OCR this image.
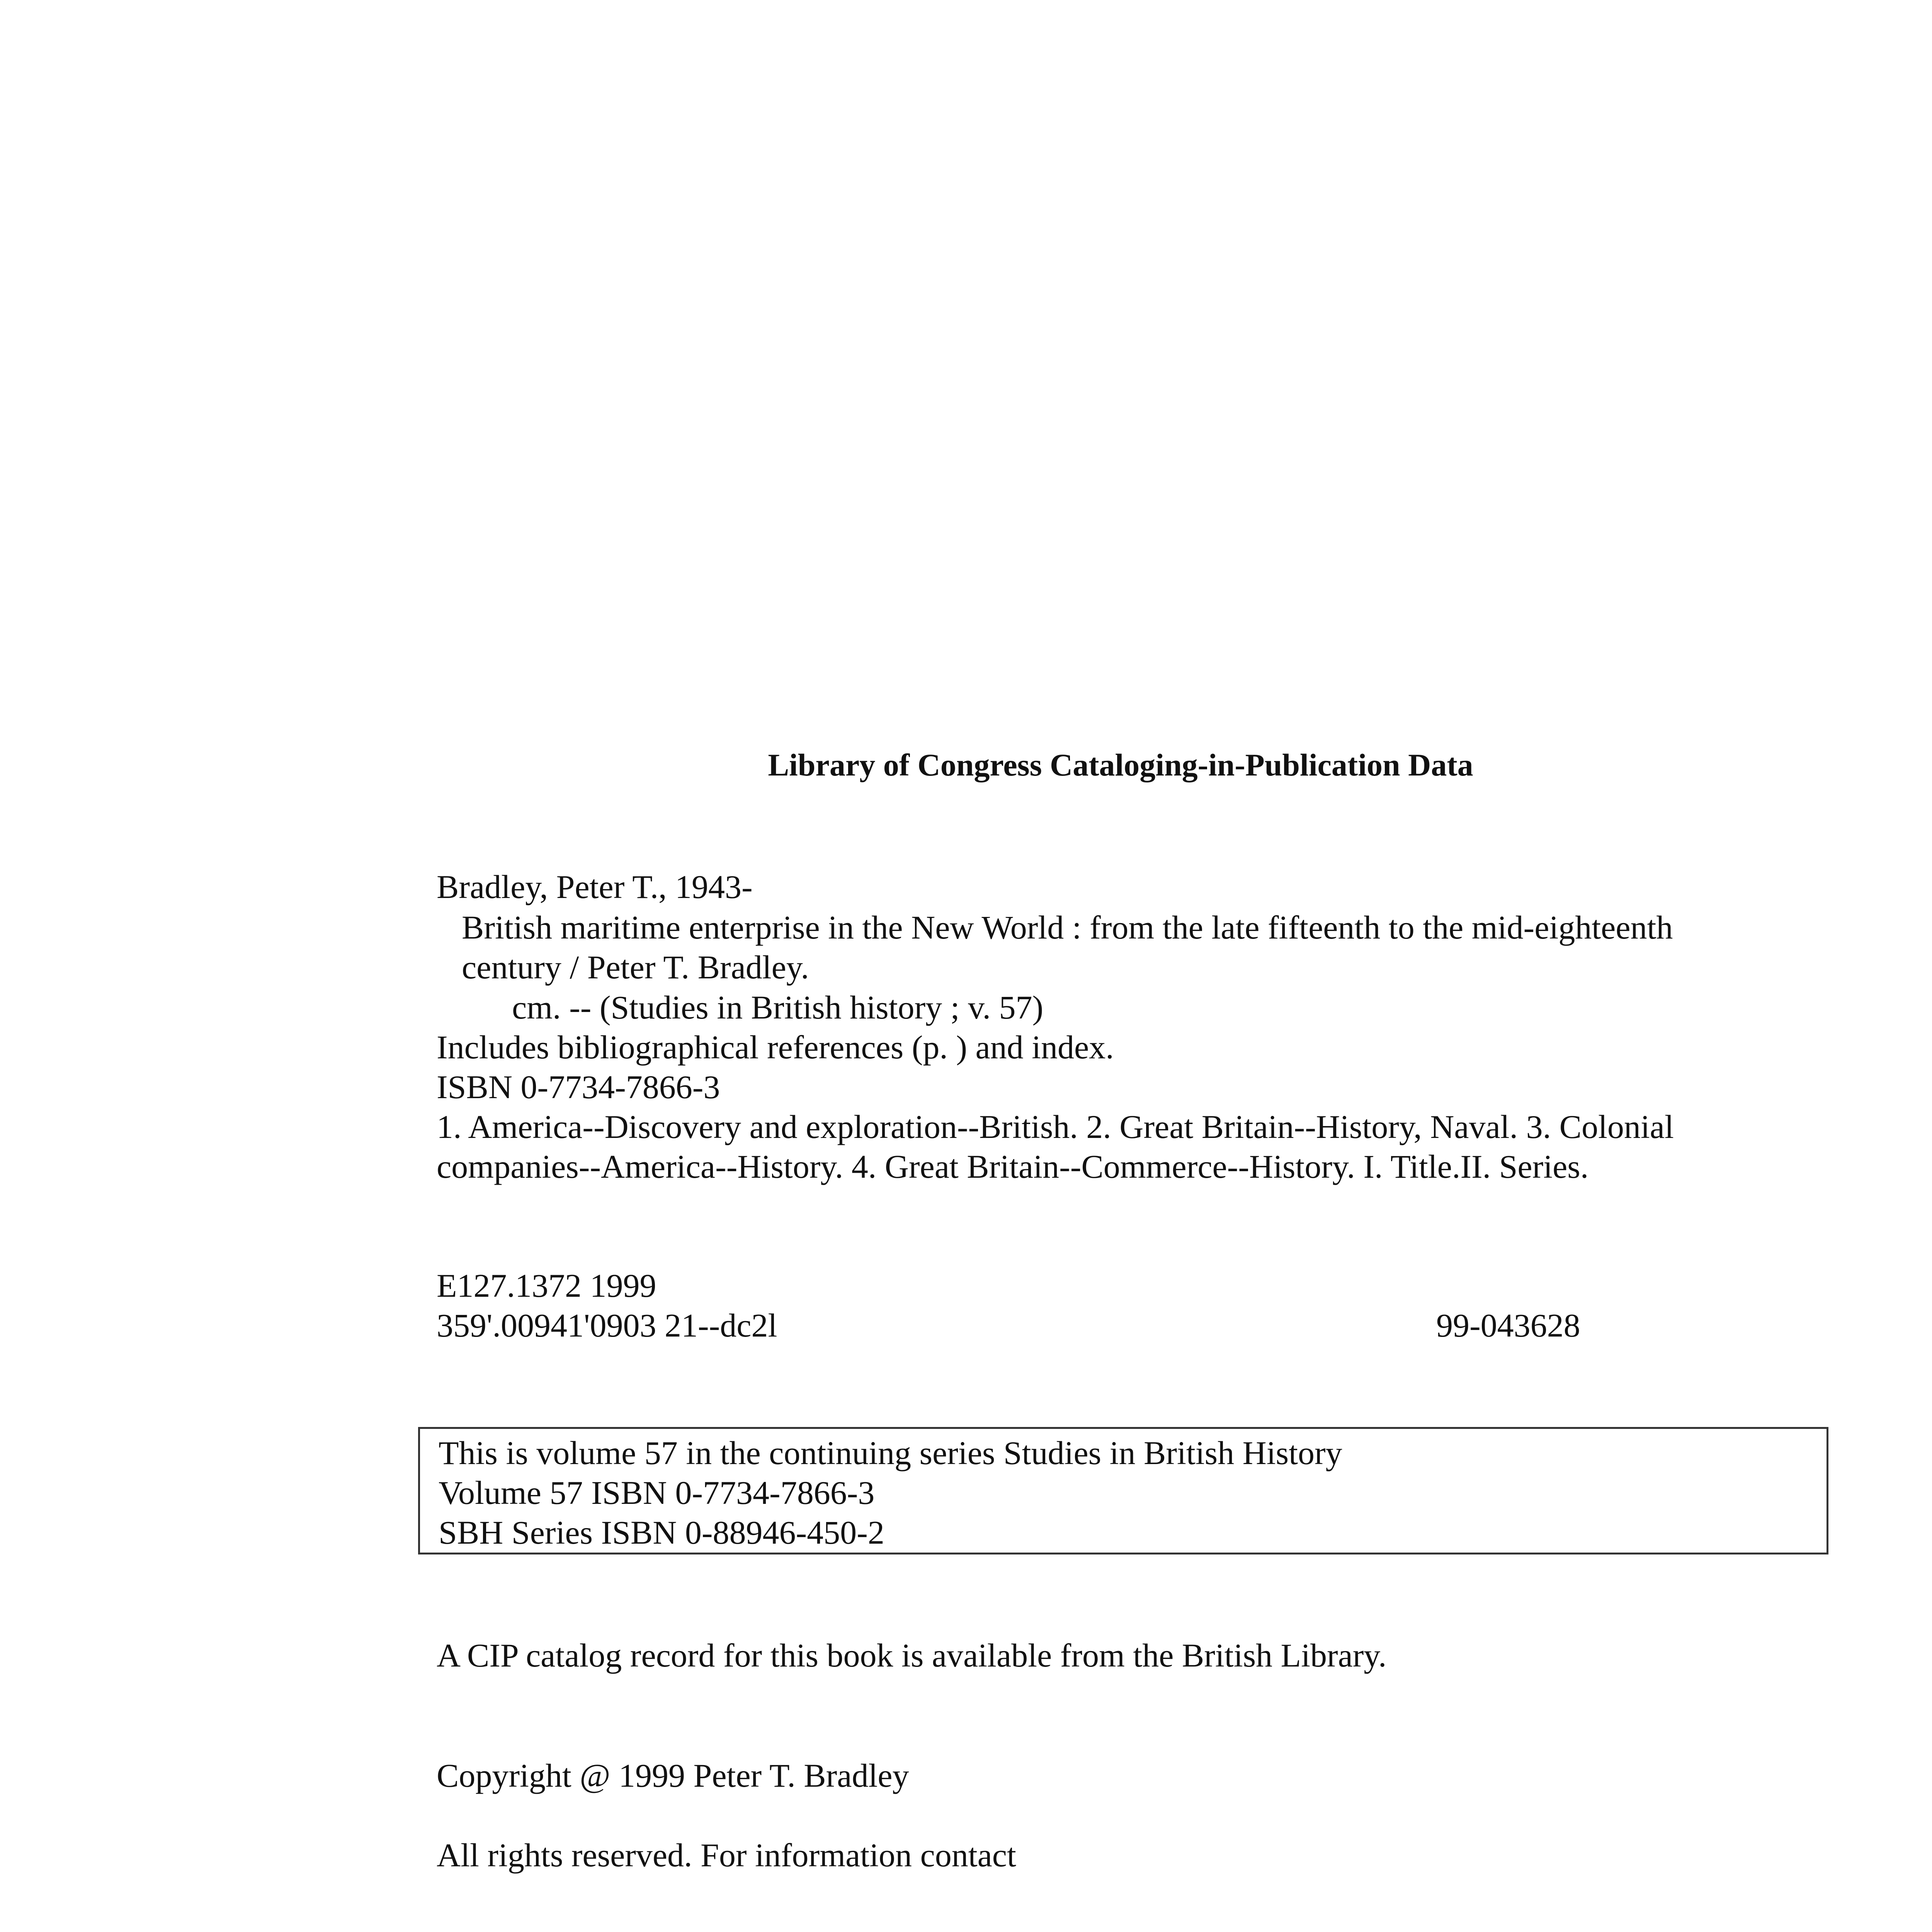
Library of Congress Cataloging-in-Publication Data
Bradley, Peter T., 1943-
British maritime enterprise in the New World : from the late fifteenth to the mid-eighteenth
century / Peter T. Bradley.
cm. -- (Studies in British history ; v. 57)
Includes bibliographical references (p. ) and index.
ISBN 0-7734-7866-3
1. America--Discovery and exploration--British. 2. Great Britain--History, Naval. 3. Colonial
companies--America--History. 4. Great Britain--Commerce--History. I. Title.II. Series.
E127.1372 1999
359'.00941'0903 21--dc2l	99-043628
This is volume 57 in the continuing series Studies in British History
Volume 57 ISBN 0-7734-7866-3
SBH Series ISBN 0-88946-450-2
A CIP catalog record for this book is available from the British Library.
Copyright @ 1999 Peter T. Bradley
All rights reserved. For information contact
